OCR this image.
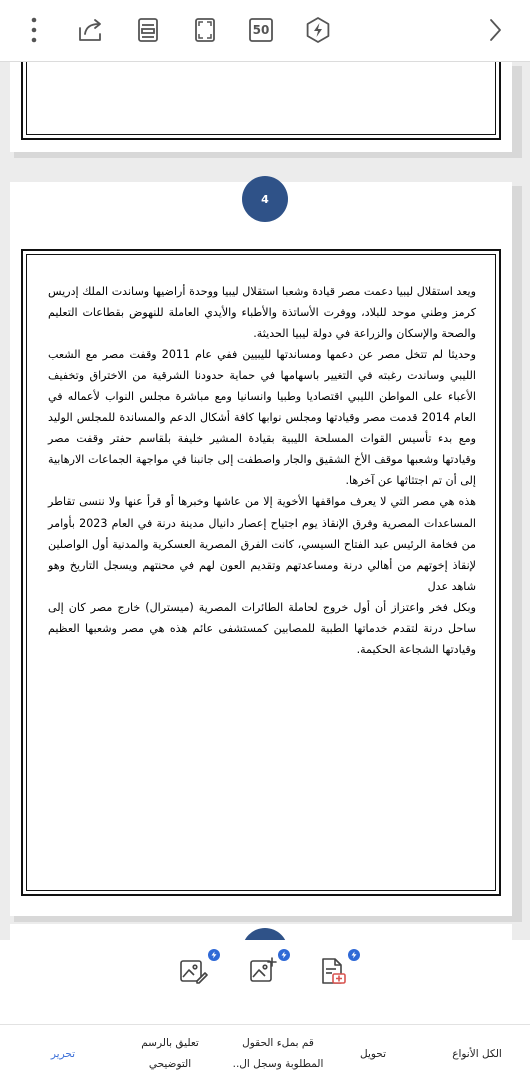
50
4

ويعد استقلال ليبيا دعمت مصر قيادة وشعبا استقلال ليبيا ووحدة أراضيها وساندت الملك إدريس كرمز وطني موحد للبلاد، ووفرت الأساتذة والأطباء والأيدي العاملة للنهوض بقطاعات التعليم والصحة والإسكان والزراعة في دولة ليبيا الحديثة.

وحديثا لم تتخل مصر عن دعمها ومساندتها لليبيين ففي عام 2011 وقفت مصر مع الشعب الليبي وساندت رغبته في التغيير باسهامها في حماية حدودنا الشرقية من الاختراق وتخفيف الأعباء على المواطن الليبي اقتصاديا وطبيا وانسانيا ومع مباشرة مجلس النواب لأعماله في العام 2014 قدمت مصر وقيادتها ومجلس نوابها كافة أشكال الدعم والمساندة للمجلس الوليد ومع بدء تأسيس القوات المسلحة الليبية بقيادة المشير خليفة بلقاسم حفتر وقفت مصر وقيادتها وشعبها موقف الأخ الشقيق والجار واصطفت إلى جانبنا في مواجهة الجماعات الارهابية إلى أن تم اجتثاثها عن آخرها.

هذه هي مصر التي لا يعرف مواقفها الأخوية إلا من عاشها وخبرها أو قرأ عنها ولا ننسى تقاطر المساعدات المصرية وفرق الإنقاذ يوم اجتياح إعصار دانيال مدينة درنة في العام 2023 بأوامر من فخامة الرئيس عبد الفتاح السيسي، كانت الفرق المصرية العسكرية والمدنية أول الواصلين لإنقاذ إخوتهم من أهالي درنة ومساعدتهم وتقديم العون لهم في محنتهم ويسجل التاريخ وهو شاهد عدل

وبكل فخر واعتزاز أن أول خروج لحاملة الطائرات المصرية (ميسترال) خارج مصر كان إلى ساحل درنة لتقدم خدماتها الطبية للمصابين كمستشفى عائم هذه هي مصر وشعبها العظيم وقيادتها الشجاعة الحكيمة.

الكل الأنواع
تحويل
قم بملء الحقول
المطلوبة وسجل ال..
تعليق بالرسم
التوضيحي
تحرير
